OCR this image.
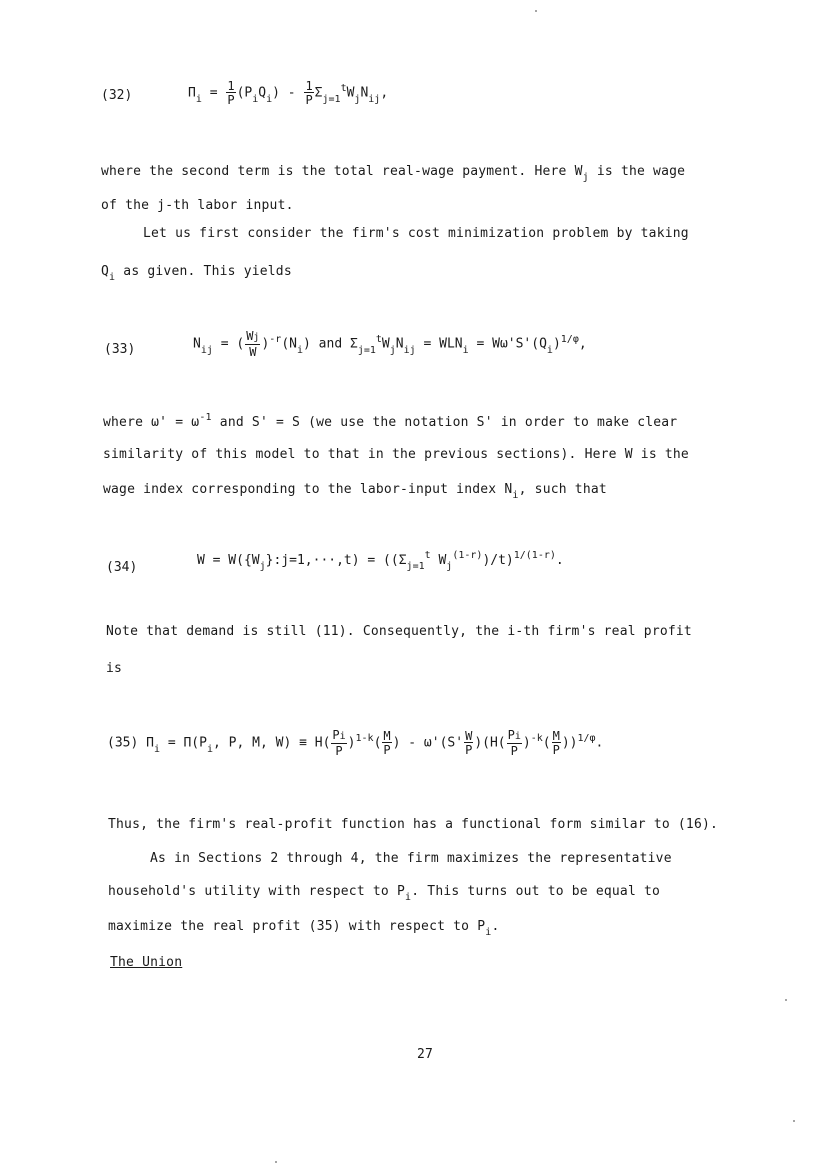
(32)	$\Pi_i = \frac{1}{P} (P_iQ_i) - \frac{1}{P} \Sigma_{j=1}^tW_jN_{ij}$,
where the second term is the total real-wage payment. Here $W_j$ is the wage
of the j-th labor input.
Let us first consider the firm's cost minimization problem by taking
$Q_i$ as given. This yields
(33)	$N_{ij}$ = ( $\frac{Wj}{W} )^{-r}(N_i)$ and $\Sigma_{j=1}^tW_jN_{ij} = WLN_i = W\omega'S'(Q_i)^{1/\varphi}$,
where $\omega' = \omega^{-1}$ and S' = S (we use the notation S' in order to make clear
similarity of this model to that in the previous sections). Here W is the
wage index corresponding to the labor-input index $N_i$, such that
(34)	$W = W(\{W_j\}:j=1,\cdot\cdot\cdot,t) = ((\Sigma_{j=1}^t$ $W_j^{(1-r)})/t)^{1/(1-r)}$.
Note that demand is still (11). Consequently, the i-th firm's real profit
is
(35) $\Pi_i = \Pi(P_i$, P, M, $W) \equiv H( \frac{Pi}{P} )^{1-k}( \frac{M}{P}$ ) - $\omega'(S' \frac{W}{P} )(H( \frac{Pi}{P} )^{-k}( \frac{M}{P} ))^{1/\varphi}$.
Thus, the firm's real-profit function has a functional form similar to (16).
As in Sections 2 through 4, the firm maximizes the representative
household's utility with respect to $P_i$. This turns out to be equal to
maximize the real profit (35) with respect to $P_i$.
The Union
27
